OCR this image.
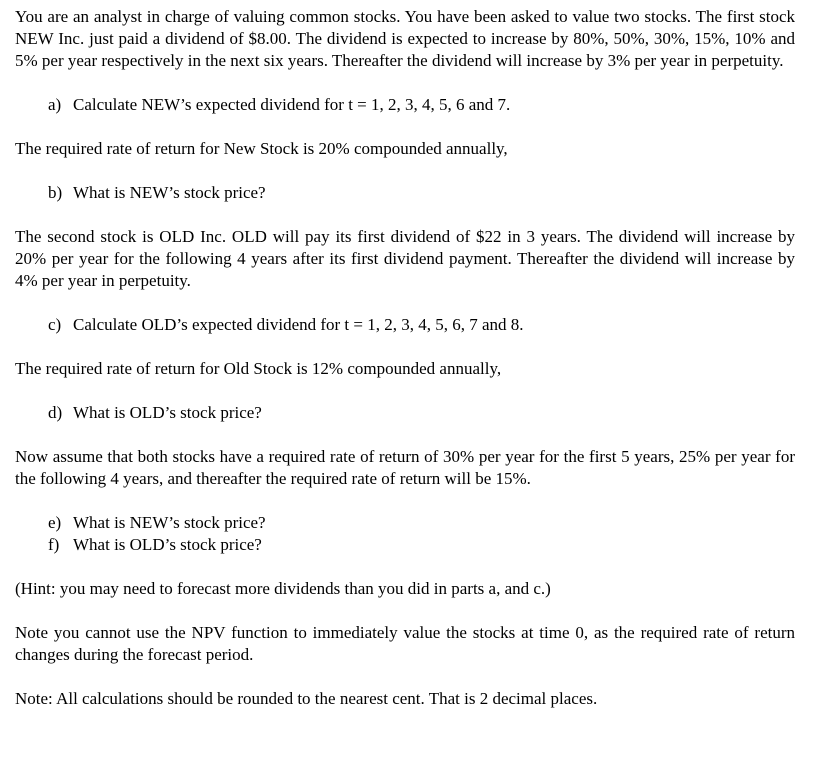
You are an analyst in charge of valuing common stocks. You have been asked to value two stocks. The first stock NEW Inc. just paid a dividend of $8.00. The dividend is expected to increase by 80%, 50%, 30%, 15%, 10% and 5% per year respectively in the next six years. Thereafter the dividend will increase by 3% per year in perpetuity.

a) Calculate NEW’s expected dividend for t = 1, 2, 3, 4, 5, 6 and 7.

The required rate of return for New Stock is 20% compounded annually,

b) What is NEW’s stock price?

The second stock is OLD Inc. OLD will pay its first dividend of $22 in 3 years. The dividend will increase by 20% per year for the following 4 years after its first dividend payment. Thereafter the dividend will increase by 4% per year in perpetuity.

c) Calculate OLD’s expected dividend for t = 1, 2, 3, 4, 5, 6, 7 and 8.

The required rate of return for Old Stock is 12% compounded annually,

d) What is OLD’s stock price?

Now assume that both stocks have a required rate of return of 30% per year for the first 5 years, 25% per year for the following 4 years, and thereafter the required rate of return will be 15%.

e) What is NEW’s stock price?

f) What is OLD’s stock price?

(Hint: you may need to forecast more dividends than you did in parts a, and c.)

Note you cannot use the NPV function to immediately value the stocks at time 0, as the required rate of return changes during the forecast period.

Note: All calculations should be rounded to the nearest cent. That is 2 decimal places.
